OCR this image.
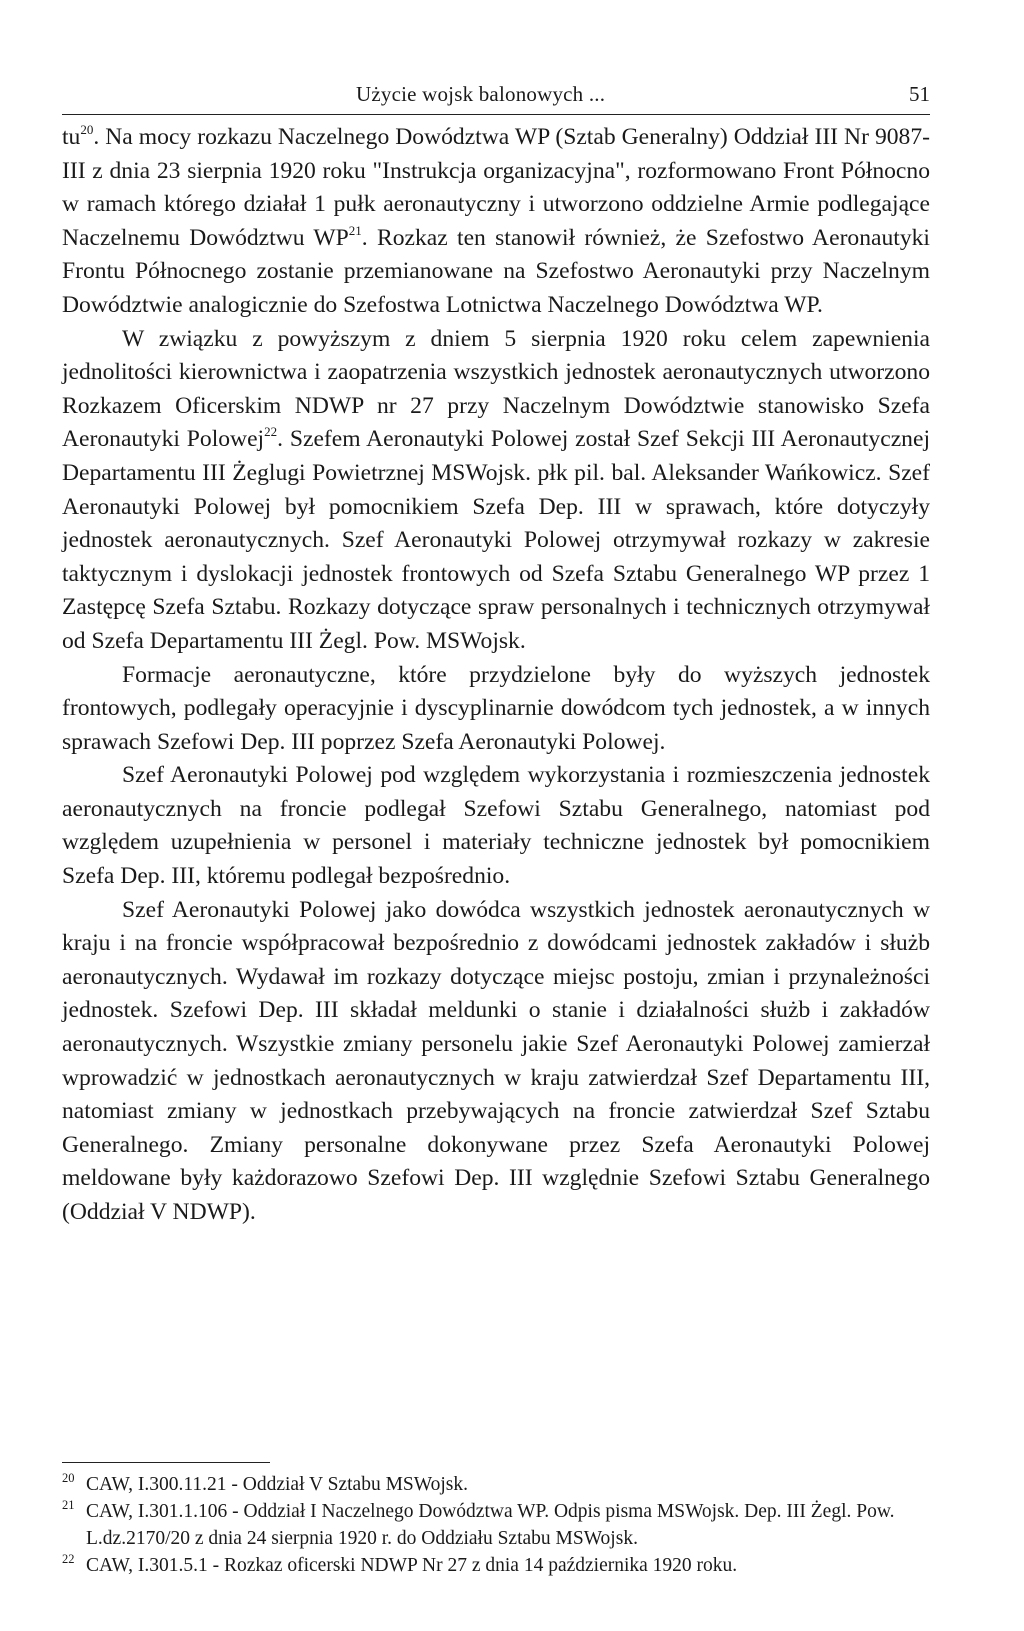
Użycie wojsk balonowych ...	51

$tu^{20}$. Na mocy rozkazu Naczelnego Dowództwa WP (Sztab Generalny) Oddział III Nr 9087-III z dnia 23 sierpnia 1920 roku "Instrukcja organizacyjna", rozformowano Front Północno w ramach którego działał 1 pułk aeronautyczny i utworzono oddzielne Armie podlegające Naczelnemu Dowództwu WP$^{21}$. Rozkaz ten stanowił również, że Szefostwo Aeronautyki Frontu Północnego zostanie przemianowane na Szefostwo Aeronautyki przy Naczelnym Dowództwie analogicznie do Szefostwa Lotnictwa Naczelnego Dowództwa WP.

W związku z powyższym z dniem 5 sierpnia 1920 roku celem zapewnienia jednolitości kierownictwa i zaopatrzenia wszystkich jednostek aeronautycznych utworzono Rozkazem Oficerskim NDWP nr 27 przy Naczelnym Dowództwie stanowisko Szefa Aeronautyki Polowej$^{22}$. Szefem Aeronautyki Polowej został Szef Sekcji III Aeronautycznej Departamentu III Żeglugi Powietrznej MSWojsk. płk pil. bal. Aleksander Wańkowicz. Szef Aeronautyki Polowej był pomocnikiem Szefa Dep. III w sprawach, które dotyczyły jednostek aeronautycznych. Szef Aeronautyki Polowej otrzymywał rozkazy w zakresie taktycznym i dyslokacji jednostek frontowych od Szefa Sztabu Generalnego WP przez 1 Zastępcę Szefa Sztabu. Rozkazy dotyczące spraw personalnych i technicznych otrzymywał od Szefa Departamentu III Żegl. Pow. MSWojsk.

Formacje aeronautyczne, które przydzielone były do wyższych jednostek frontowych, podlegały operacyjnie i dyscyplinarnie dowódcom tych jednostek, a w innych sprawach Szefowi Dep. III poprzez Szefa Aeronautyki Polowej.

Szef Aeronautyki Polowej pod względem wykorzystania i rozmieszczenia jednostek aeronautycznych na froncie podlegał Szefowi Sztabu Generalnego, natomiast pod względem uzupełnienia w personel i materiały techniczne jednostek był pomocnikiem Szefa Dep. III, któremu podlegał bezpośrednio.

Szef Aeronautyki Polowej jako dowódca wszystkich jednostek aeronautycznych w kraju i na froncie współpracował bezpośrednio z dowódcami jednostek zakładów i służb aeronautycznych. Wydawał im rozkazy dotyczące miejsc postoju, zmian i przynależności jednostek. Szefowi Dep. III składał meldunki o stanie i działalności służb i zakładów aeronautycznych. Wszystkie zmiany personelu jakie Szef Aeronautyki Polowej zamierzał wprowadzić w jednostkach aeronautycznych w kraju zatwierdzał Szef Departamentu III, natomiast zmiany w jednostkach przebywających na froncie zatwierdzał Szef Sztabu Generalnego. Zmiany personalne dokonywane przez Szefa Aeronautyki Polowej meldowane były każdorazowo Szefowi Dep. III względnie Szefowi Sztabu Generalnego (Oddział V NDWP).

20 CAW, I.300.11.21 - Oddział V Sztabu MSWojsk.
21 CAW, I.301.1.106 - Oddział I Naczelnego Dowództwa WP. Odpis pisma MSWojsk. Dep. III Żegl. Pow. L.dz.2170/20 z dnia 24 sierpnia 1920 r. do Oddziału Sztabu MSWojsk.
22 CAW, I.301.5.1 - Rozkaz oficerski NDWP Nr 27 z dnia 14 października 1920 roku.
